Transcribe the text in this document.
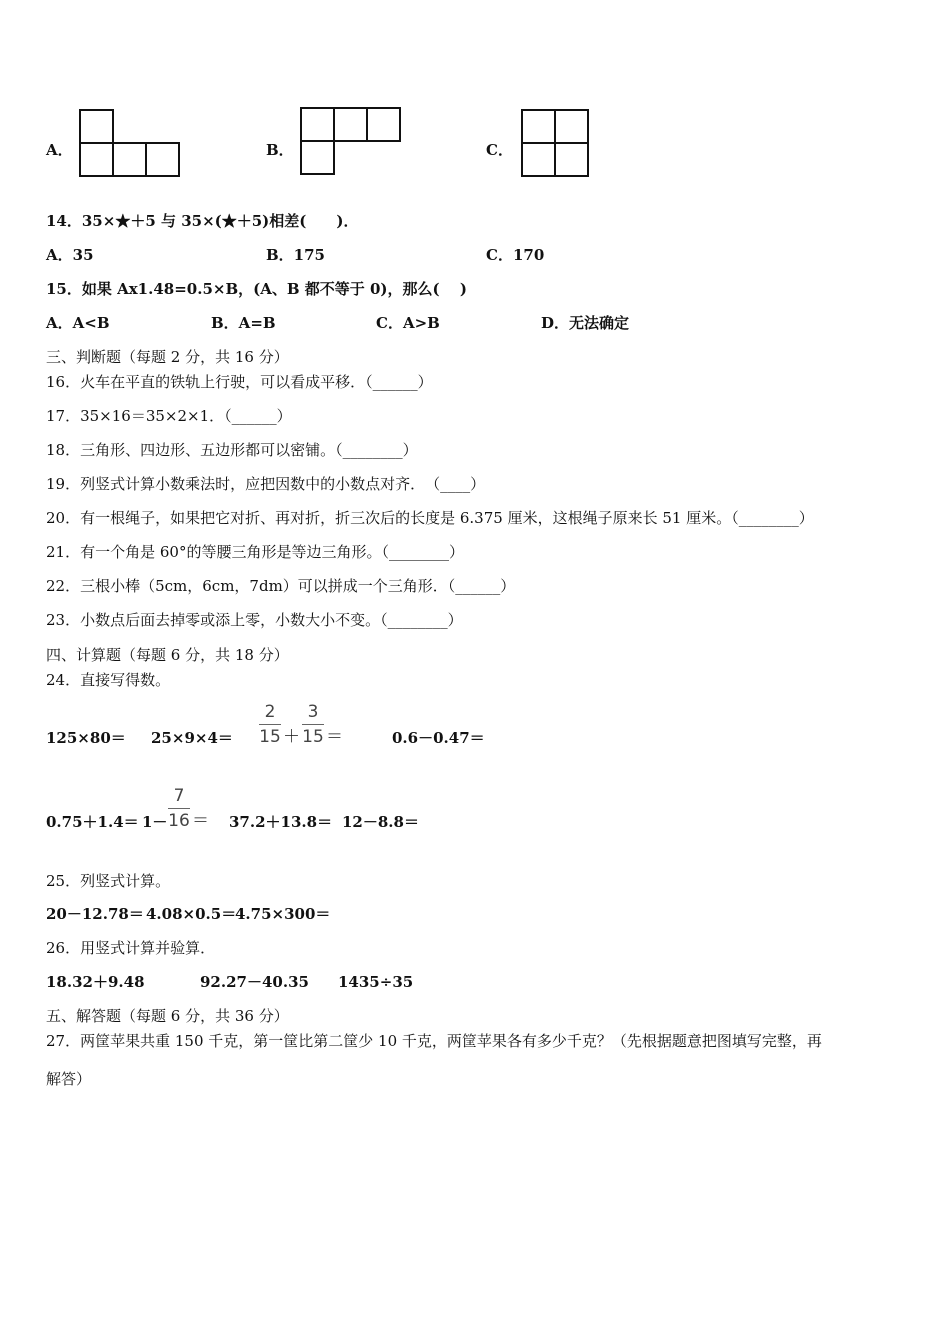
A．	B．	C．
14．35×★＋5 与 35×(★＋5)相差(　　)．
A．35	B．175	C．170
15．如果 Ax1.48=0.5×B，(A、B 都不等于 0)，那么(　 )
A．A<B	B．A=B	C．A>B	D．无法确定
三、判断题（每题 2 分，共 16 分）
16．火车在平直的铁轨上行驶，可以看成平移．（______）
17．35×16＝35×2×1．（______）
18．三角形、四边形、五边形都可以密铺。（________）
19．列竖式计算小数乘法时，应把因数中的小数点对齐．　（____）
20．有一根绳子，如果把它对折、再对折，折三次后的长度是 6.375 厘米，这根绳子原来长 51 厘米。（________）
21．有一个角是 60°的等腰三角形是等边三角形。（________）
22．三根小棒（5cm，6cm，7dm）可以拼成一个三角形．（______）
23．小数点后面去掉零或添上零，小数大小不变。（________）
四、计算题（每题 6 分，共 18 分）
24．直接写得数。
125×80＝ 25×9×4＝
2
15 ＋
3
15 ＝	0.6－0.47＝
0.75＋1.4＝ 1－
7
16 ＝ 37.2＋13.8＝ 12－8.8＝
25．列竖式计算。
20－12.78＝ 4.08×0.5＝
4.75×300＝
26．用竖式计算并验算．
18.32＋9.48	92.27－40.35 1435÷35
五、解答题（每题 6 分，共 36 分）
27．两筐苹果共重 150 千克，第一筐比第二筐少 10 千克，两筐苹果各有多少千克？（先根据题意把图填写完整，再
解答）
